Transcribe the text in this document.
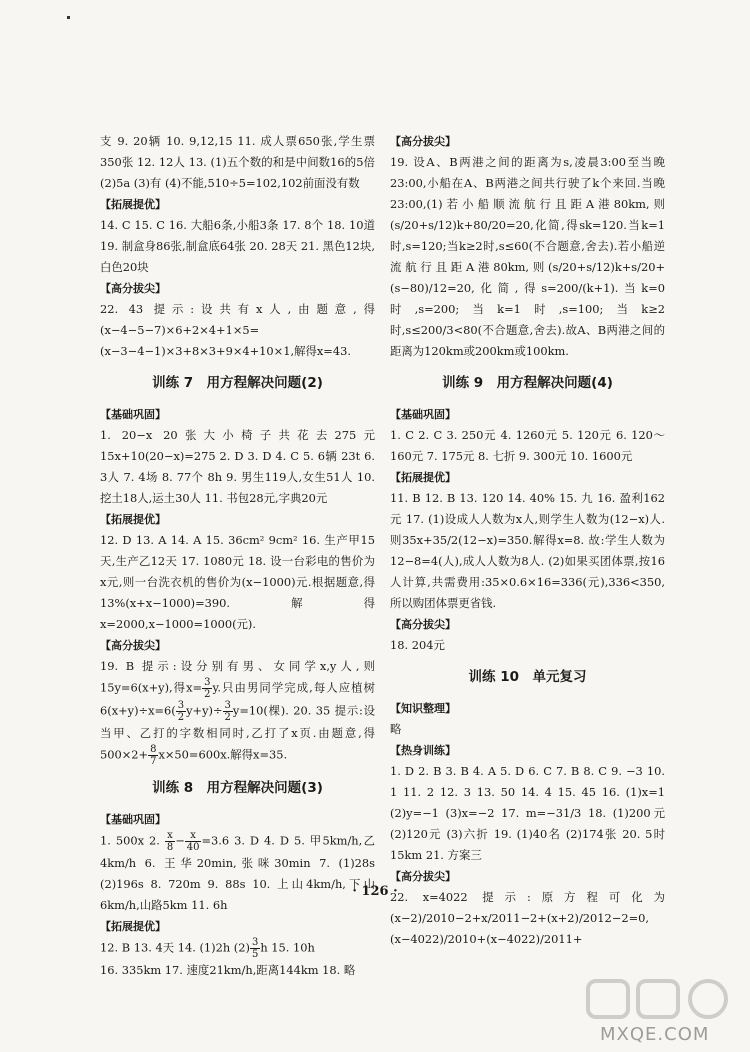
支 9. 20辆 10. 9,12,15 11. 成人票650张,学生票350张 12. 12人 13. (1)五个数的和是中间数16的5倍 (2)5a (3)有 (4)不能,510÷5=102,102前面没有数

【拓展提优】

14. C 15. C 16. 大船6条,小船3条 17. 8个 18. 10道 19. 制盒身86张,制盒底64张 20. 28天 21. 黑色12块,白色20块

【高分拔尖】

22. 43 提示:设共有x人,由题意,得(x−4−5−7)×6+2×4+1×5=(x−3−4−1)×3+8×3+9×4+10×1,解得x=43.

训练 7　用方程解决问题(2)
【基础巩固】

1. 20−x 20张大小椅子共花去275元 15x+10(20−x)=275 2. D 3. D 4. C 5. 6辆 23t 6. 3人 7. 4场 8. 77个 8h 9. 男生119人,女生51人 10. 挖土18人,运土30人 11. 书包28元,字典20元

【拓展提优】

12. D 13. A 14. A 15. 36cm² 9cm² 16. 生产甲15天,生产乙12天 17. 1080元 18. 设一台彩电的售价为x元,则一台洗衣机的售价为(x−1000)元.根据题意,得13%(x+x−1000)=390.解得x=2000,x−1000=1000(元).

【高分拔尖】

19. B 提示:设分别有男、女同学x,y人,则15y=6(x+y),得$x= \frac{3}{2} y$.只由男同学完成,每人应植树 $6(x+y)\div x=6( \frac{3}{2} y+y)\div \frac{3}{2} y=10$(棵). 20. 35 提示:设当甲、乙打的字数相同时,乙打了x页.由题意,得$500\times 2+ \frac{8}{7} x\times 50=600x$.解得x=35.

训练 8　用方程解决问题(3)
【基础巩固】

1. 500x 2. $\frac{x}{8} - \frac{x}{40} =3.6$ 3. D 4. D 5. 甲5km/h,乙4km/h 6. 王华20min,张咪30min 7. (1)28s (2)196s 8. 720m 9. 88s 10. 上山4km/h,下山6km/h,山路5km 11. 6h

【拓展提优】

12. B 13. 4天 14. (1)2h $(2) \frac{3}{5}$ h 15. 10h

16. 335km 17. 速度21km/h,距离144km 18. 略

【高分拔尖】

19. 设A、B两港之间的距离为s,凌晨3:00至当晚23:00,小船在A、B两港之间共行驶了k个来回.当晚23:00,(1)若小船顺流航行且距A港80km,则(s/20+s/12)k+80/20=20,化简,得sk=120.当k=1时,s=120;当k≥2时,s≤60(不合题意,舍去).若小船逆流航行且距A港80km,则(s/20+s/12)k+s/20+(s−80)/12=20,化简,得s=200/(k+1).当k=0时,s=200;当k=1时,s=100;当k≥2时,s≤200/3<80(不合题意,舍去).故A、B两港之间的距离为120km或200km或100km.

训练 9　用方程解决问题(4)
【基础巩固】

1. C 2. C 3. 250元 4. 1260元 5. 120元 6. 120～160元 7. 175元 8. 七折 9. 300元 10. 1600元

【拓展提优】

11. B 12. B 13. 120 14. 40% 15. 九 16. 盈利162元 17. (1)设成人人数为x人,则学生人数为(12−x)人.则35x+35/2(12−x)=350.解得x=8. 故:学生人数为12−8=4(人),成人人数为8人. (2)如果买团体票,按16人计算,共需费用:35×0.6×16=336(元),336<350,所以购团体票更省钱.

【高分拔尖】

18. 204元

训练 10　单元复习
【知识整理】

略

【热身训练】

1. D 2. B 3. B 4. A 5. D 6. C 7. B 8. C 9. −3 10. 1 11. 2 12. 3 13. 50 14. 4 15. 45 16. (1)x=1 (2)y=−1 (3)x=−2 17. m=−31/3 18. (1)200元 (2)120元 (3)六折 19. (1)40名 (2)174张 20. 5时 15km 21. 方案三

【高分拔尖】

22. x=4022 提示:原方程可化为(x−2)/2010−2+x/2011−2+(x+2)/2012−2=0,(x−4022)/2010+(x−4022)/2011+

· 126 ·
MXQE.COM
